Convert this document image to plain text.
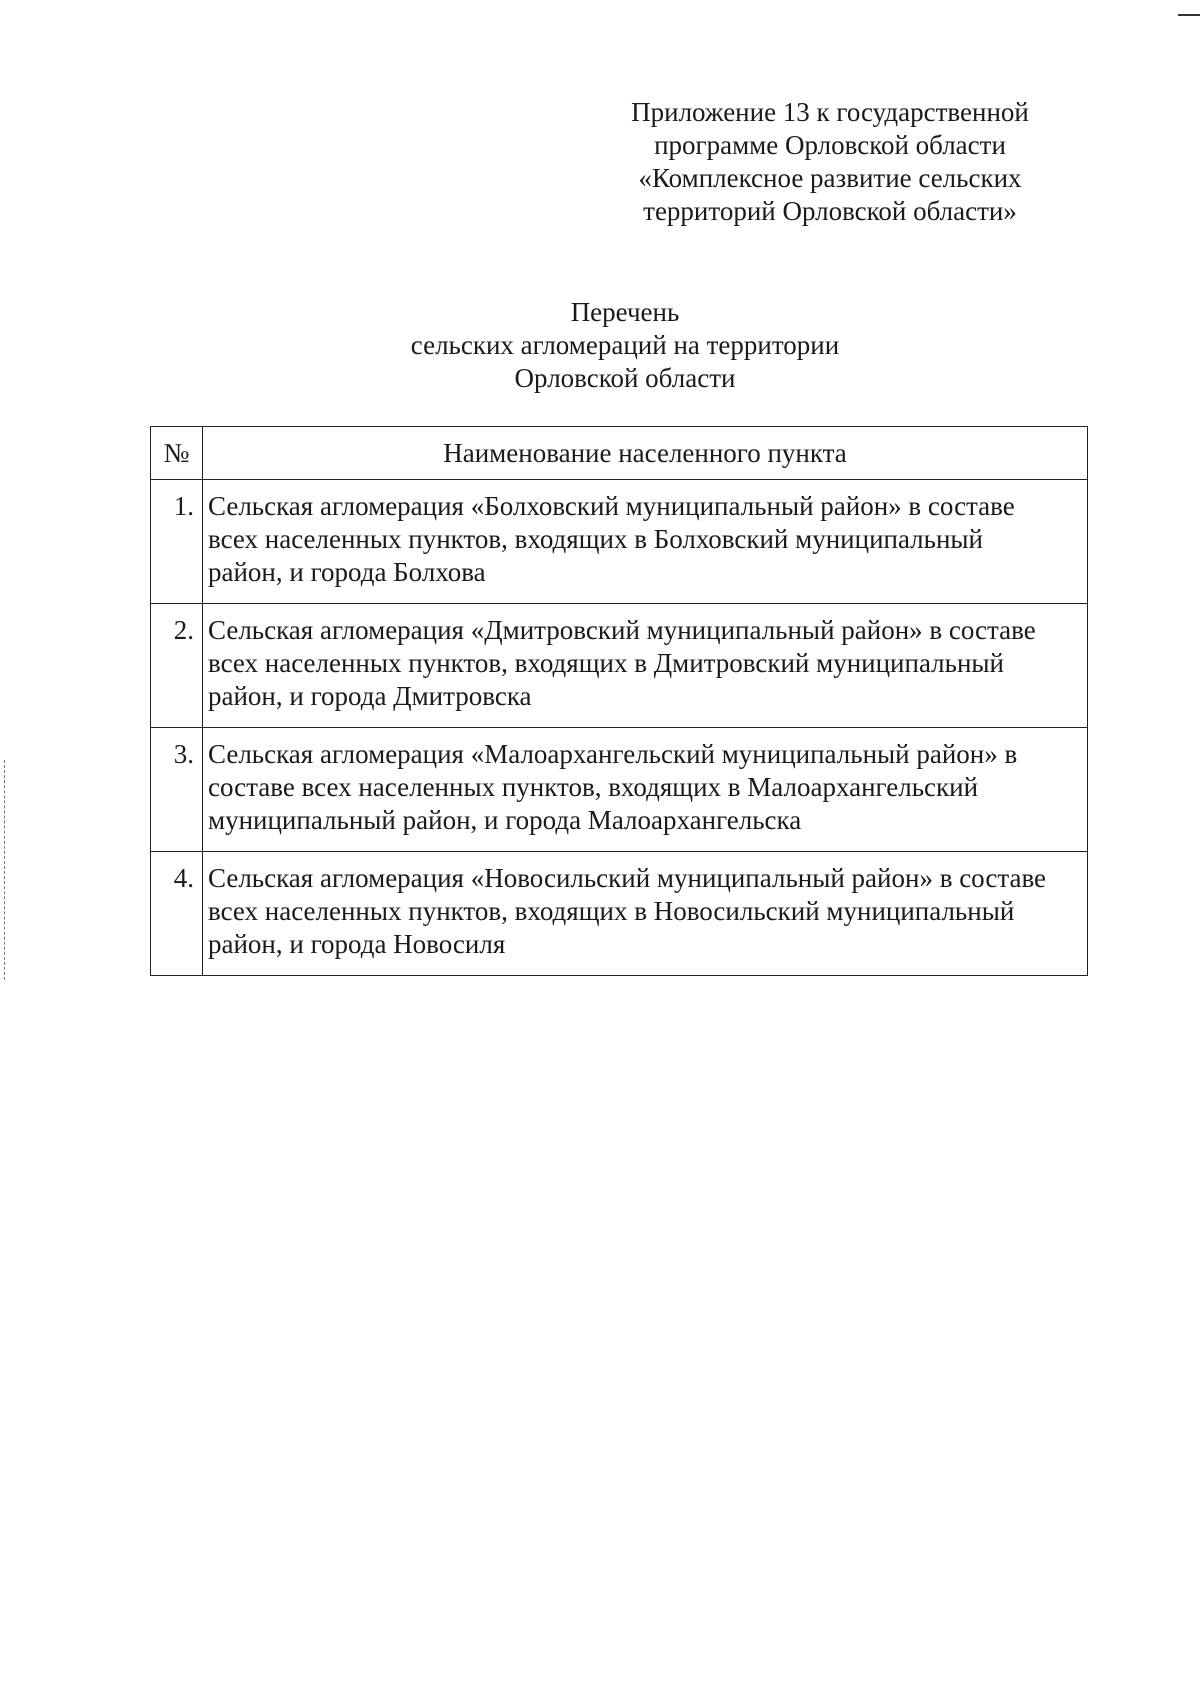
Приложение 13 к государственной
программе Орловской области
«Комплексное развитие сельских
территорий Орловской области»
Перечень
сельских агломераций на территории
Орловской области
№	Наименование населенного пункта
1.	Сельская агломерация «Болховский муниципальный район» в составе
всех населенных пунктов, входящих в Болховский муниципальный
район, и города Болхова

2.	Сельская агломерация «Дмитровский муниципальный район» в составе
всех населенных пунктов, входящих в Дмитровский муниципальный
район, и города Дмитровска

3.	Сельская агломерация «Малоархангельский муниципальный район» в
составе всех населенных пунктов, входящих в Малоархангельский
муниципальный район, и города Малоархангельска

4.	Сельская агломерация «Новосильский муниципальный район» в составе
всех населенных пунктов, входящих в Новосильский муниципальный
район, и города Новосиля
